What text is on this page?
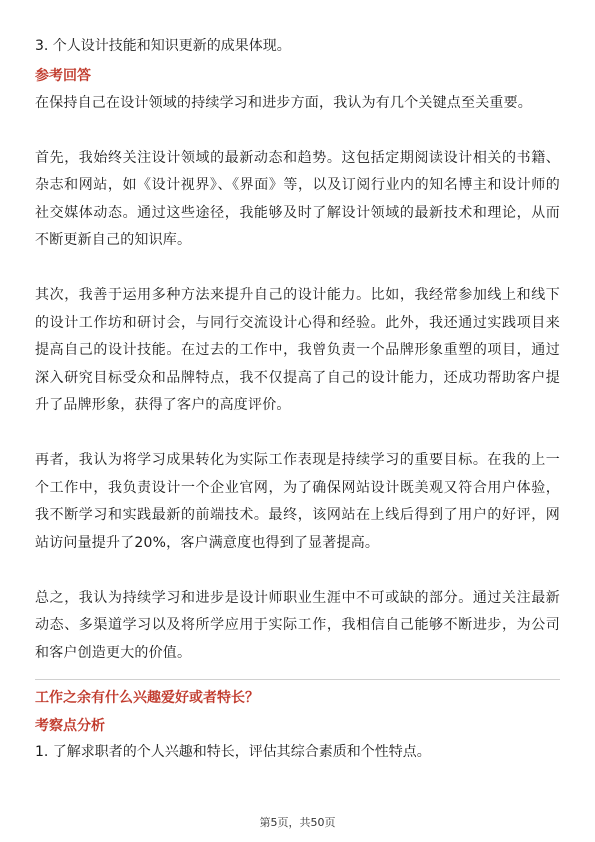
3. 个人设计技能和知识更新的成果体现。
参考回答

在保持自己在设计领域的持续学习和进步方面，我认为有几个关键点至关重要。

首先，我始终关注设计领域的最新动态和趋势。这包括定期阅读设计相关的书籍、杂志和网站，如《设计视界》、《界面》等，以及订阅行业内的知名博主和设计师的社交媒体动态。通过这些途径，我能够及时了解设计领域的最新技术和理论，从而不断更新自己的知识库。

其次，我善于运用多种方法来提升自己的设计能力。比如，我经常参加线上和线下的设计工作坊和研讨会，与同行交流设计心得和经验。此外，我还通过实践项目来提高自己的设计技能。在过去的工作中，我曾负责一个品牌形象重塑的项目，通过深入研究目标受众和品牌特点，我不仅提高了自己的设计能力，还成功帮助客户提升了品牌形象，获得了客户的高度评价。

再者，我认为将学习成果转化为实际工作表现是持续学习的重要目标。在我的上一个工作中，我负责设计一个企业官网，为了确保网站设计既美观又符合用户体验，我不断学习和实践最新的前端技术。最终，该网站在上线后得到了用户的好评，网站访问量提升了20%，客户满意度也得到了显著提高。

总之，我认为持续学习和进步是设计师职业生涯中不可或缺的部分。通过关注最新动态、多渠道学习以及将所学应用于实际工作，我相信自己能够不断进步，为公司和客户创造更大的价值。

工作之余有什么兴趣爱好或者特长？
考察点分析
1. 了解求职者的个人兴趣和特长，评估其综合素质和个性特点。
第5页，共50页
